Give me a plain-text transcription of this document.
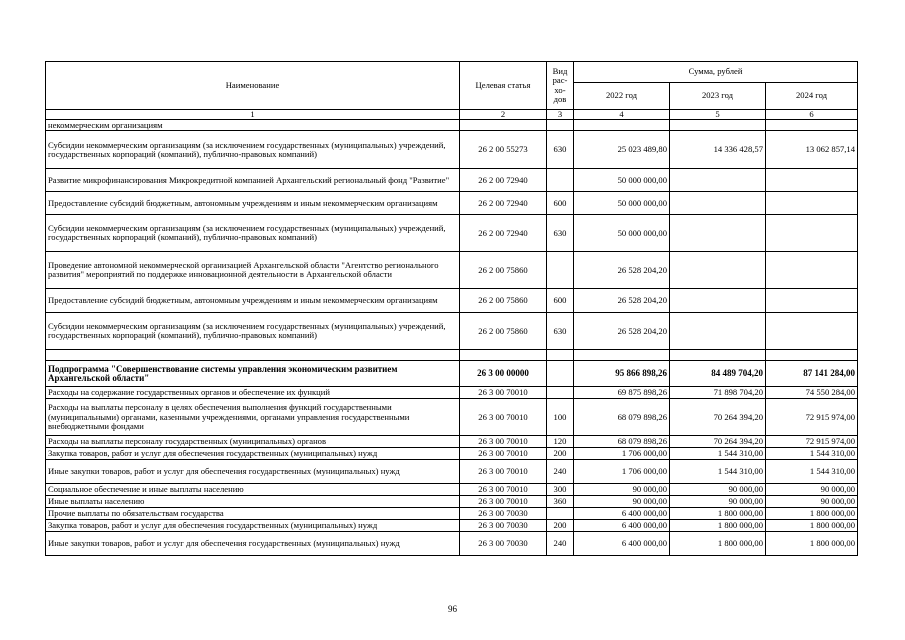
Наименование	Целевая статья	Вид рас-хо-дов	Сумма, рублей		
			2022 год	2023 год	2024 год
1	2	3	4	5	6
некоммерческим организациям					
Субсидии некоммерческим организациям (за исключением государственных (муниципальных) учреждений, государственных корпораций (компаний), публично-правовых компаний)	26 2 00 55273	630	25 023 489,80	14 336 428,57	13 062 857,14
Развитие микрофинансирования Микрокредитной компанией Архангельский региональный фонд "Развитие"	26 2 00 72940		50 000 000,00		
Предоставление субсидий бюджетным, автономным учреждениям и иным некоммерческим организациям	26 2 00 72940	600	50 000 000,00		
Субсидии некоммерческим организациям (за исключением государственных (муниципальных) учреждений, государственных корпораций (компаний), публично-правовых компаний)	26 2 00 72940	630	50 000 000,00		
Проведение автономной некоммерческой организацией Архангельской области "Агентство регионального развития" мероприятий по поддержке инновационной деятельности в Архангельской области	26 2 00 75860		26 528 204,20		
Предоставление субсидий бюджетным, автономным учреждениям и иным некоммерческим организациям	26 2 00 75860	600	26 528 204,20		
Субсидии некоммерческим организациям (за исключением государственных (муниципальных) учреждений, государственных корпораций (компаний), публично-правовых компаний)	26 2 00 75860	630	26 528 204,20		

Подпрограмма "Совершенствование системы управления экономическим развитием Архангельской области"	26 3 00 00000		95 866 898,26	84 489 704,20	87 141 284,00
Расходы на содержание государственных органов и обеспечение их функций	26 3 00 70010		69 875 898,26	71 898 704,20	74 550 284,00
Расходы на выплаты персоналу в целях обеспечения выполнения функций государственными (муниципальными) органами, казенными учреждениями, органами управления государственными внебюджетными фондами	26 3 00 70010	100	68 079 898,26	70 264 394,20	72 915 974,00
Расходы на выплаты персоналу государственных (муниципальных) органов	26 3 00 70010	120	68 079 898,26	70 264 394,20	72 915 974,00
Закупка товаров, работ и услуг для обеспечения государственных (муниципальных) нужд	26 3 00 70010	200	1 706 000,00	1 544 310,00	1 544 310,00
Иные закупки товаров, работ и услуг для обеспечения государственных (муниципальных) нужд	26 3 00 70010	240	1 706 000,00	1 544 310,00	1 544 310,00
Социальное обеспечение и иные выплаты населению	26 3 00 70010	300	90 000,00	90 000,00	90 000,00
Иные выплаты населению	26 3 00 70010	360	90 000,00	90 000,00	90 000,00
Прочие выплаты по обязательствам государства	26 3 00 70030		6 400 000,00	1 800 000,00	1 800 000,00
Закупка товаров, работ и услуг для обеспечения государственных (муниципальных) нужд	26 3 00 70030	200	6 400 000,00	1 800 000,00	1 800 000,00
Иные закупки товаров, работ и услуг для обеспечения государственных (муниципальных) нужд	26 3 00 70030	240	6 400 000,00	1 800 000,00	1 800 000,00
96
